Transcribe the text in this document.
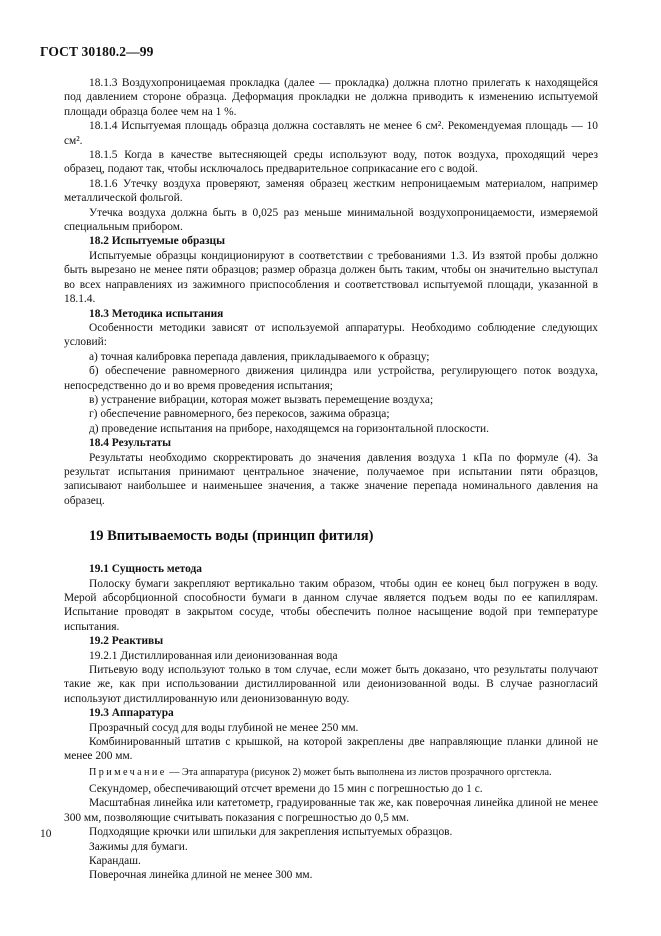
ГОСТ 30180.2—99

18.1.3 Воздухопроницаемая прокладка (далее — прокладка) должна плотно прилегать к находящейся под давлением стороне образца. Деформация прокладки не должна приводить к изменению испытуемой площади образца более чем на 1 %.

18.1.4 Испытуемая площадь образца должна составлять не менее 6 см². Рекомендуемая площадь — 10 см².

18.1.5 Когда в качестве вытесняющей среды используют воду, поток воздуха, проходящий через образец, подают так, чтобы исключалось предварительное соприкасание его с водой.

18.1.6 Утечку воздуха проверяют, заменяя образец жестким непроницаемым материалом, например металлической фольгой.

Утечка воздуха должна быть в 0,025 раз меньше минимальной воздухопроницаемости, измеряемой специальным прибором.

18.2 Испытуемые образцы

Испытуемые образцы кондиционируют в соответствии с требованиями 1.3. Из взятой пробы должно быть вырезано не менее пяти образцов; размер образца должен быть таким, чтобы он значительно выступал во всех направлениях из зажимного приспособления и соответствовал испытуемой площади, указанной в 18.1.4.

18.3 Методика испытания

Особенности методики зависят от используемой аппаратуры. Необходимо соблюдение следующих условий:

а) точная калибровка перепада давления, прикладываемого к образцу;
б) обеспечение равномерного движения цилиндра или устройства, регулирующего поток воздуха, непосредственно до и во время проведения испытания;
в) устранение вибрации, которая может вызвать перемещение воздуха;
г) обеспечение равномерного, без перекосов, зажима образца;
д) проведение испытания на приборе, находящемся на горизонтальной плоскости.

18.4 Результаты

Результаты необходимо скорректировать до значения давления воздуха 1 кПа по формуле (4). За результат испытания принимают центральное значение, получаемое при испытании пяти образцов, записывают наибольшее и наименьшее значения, а также значение перепада номинального давления на образец.

19 Впитываемость воды (принцип фитиля)

19.1 Сущность метода

Полоску бумаги закрепляют вертикально таким образом, чтобы один ее конец был погружен в воду. Мерой абсорбционной способности бумаги в данном случае является подъем воды по ее капиллярам. Испытание проводят в закрытом сосуде, чтобы обеспечить полное насыщение водой при температуре испытания.

19.2 Реактивы

19.2.1 Дистиллированная или деионизованная вода

Питьевую воду используют только в том случае, если может быть доказано, что результаты получают такие же, как при использовании дистиллированной или деионизованной воды. В случае разногласий используют дистиллированную или деионизованную воду.

19.3 Аппаратура

Прозрачный сосуд для воды глубиной не менее 250 мм.

Комбинированный штатив с крышкой, на которой закреплены две направляющие планки длиной не менее 200 мм.

Примечание — Эта аппаратура (рисунок 2) может быть выполнена из листов прозрачного оргстекла.

Секундомер, обеспечивающий отсчет времени до 15 мин с погрешностью до 1 с.

Масштабная линейка или катетометр, градуированные так же, как поверочная линейка длиной не менее 300 мм, позволяющие считывать показания с погрешностью до 0,5 мм.

Подходящие крючки или шпильки для закрепления испытуемых образцов.

Зажимы для бумаги.

Карандаш.

Поверочная линейка длиной не менее 300 мм.

10
